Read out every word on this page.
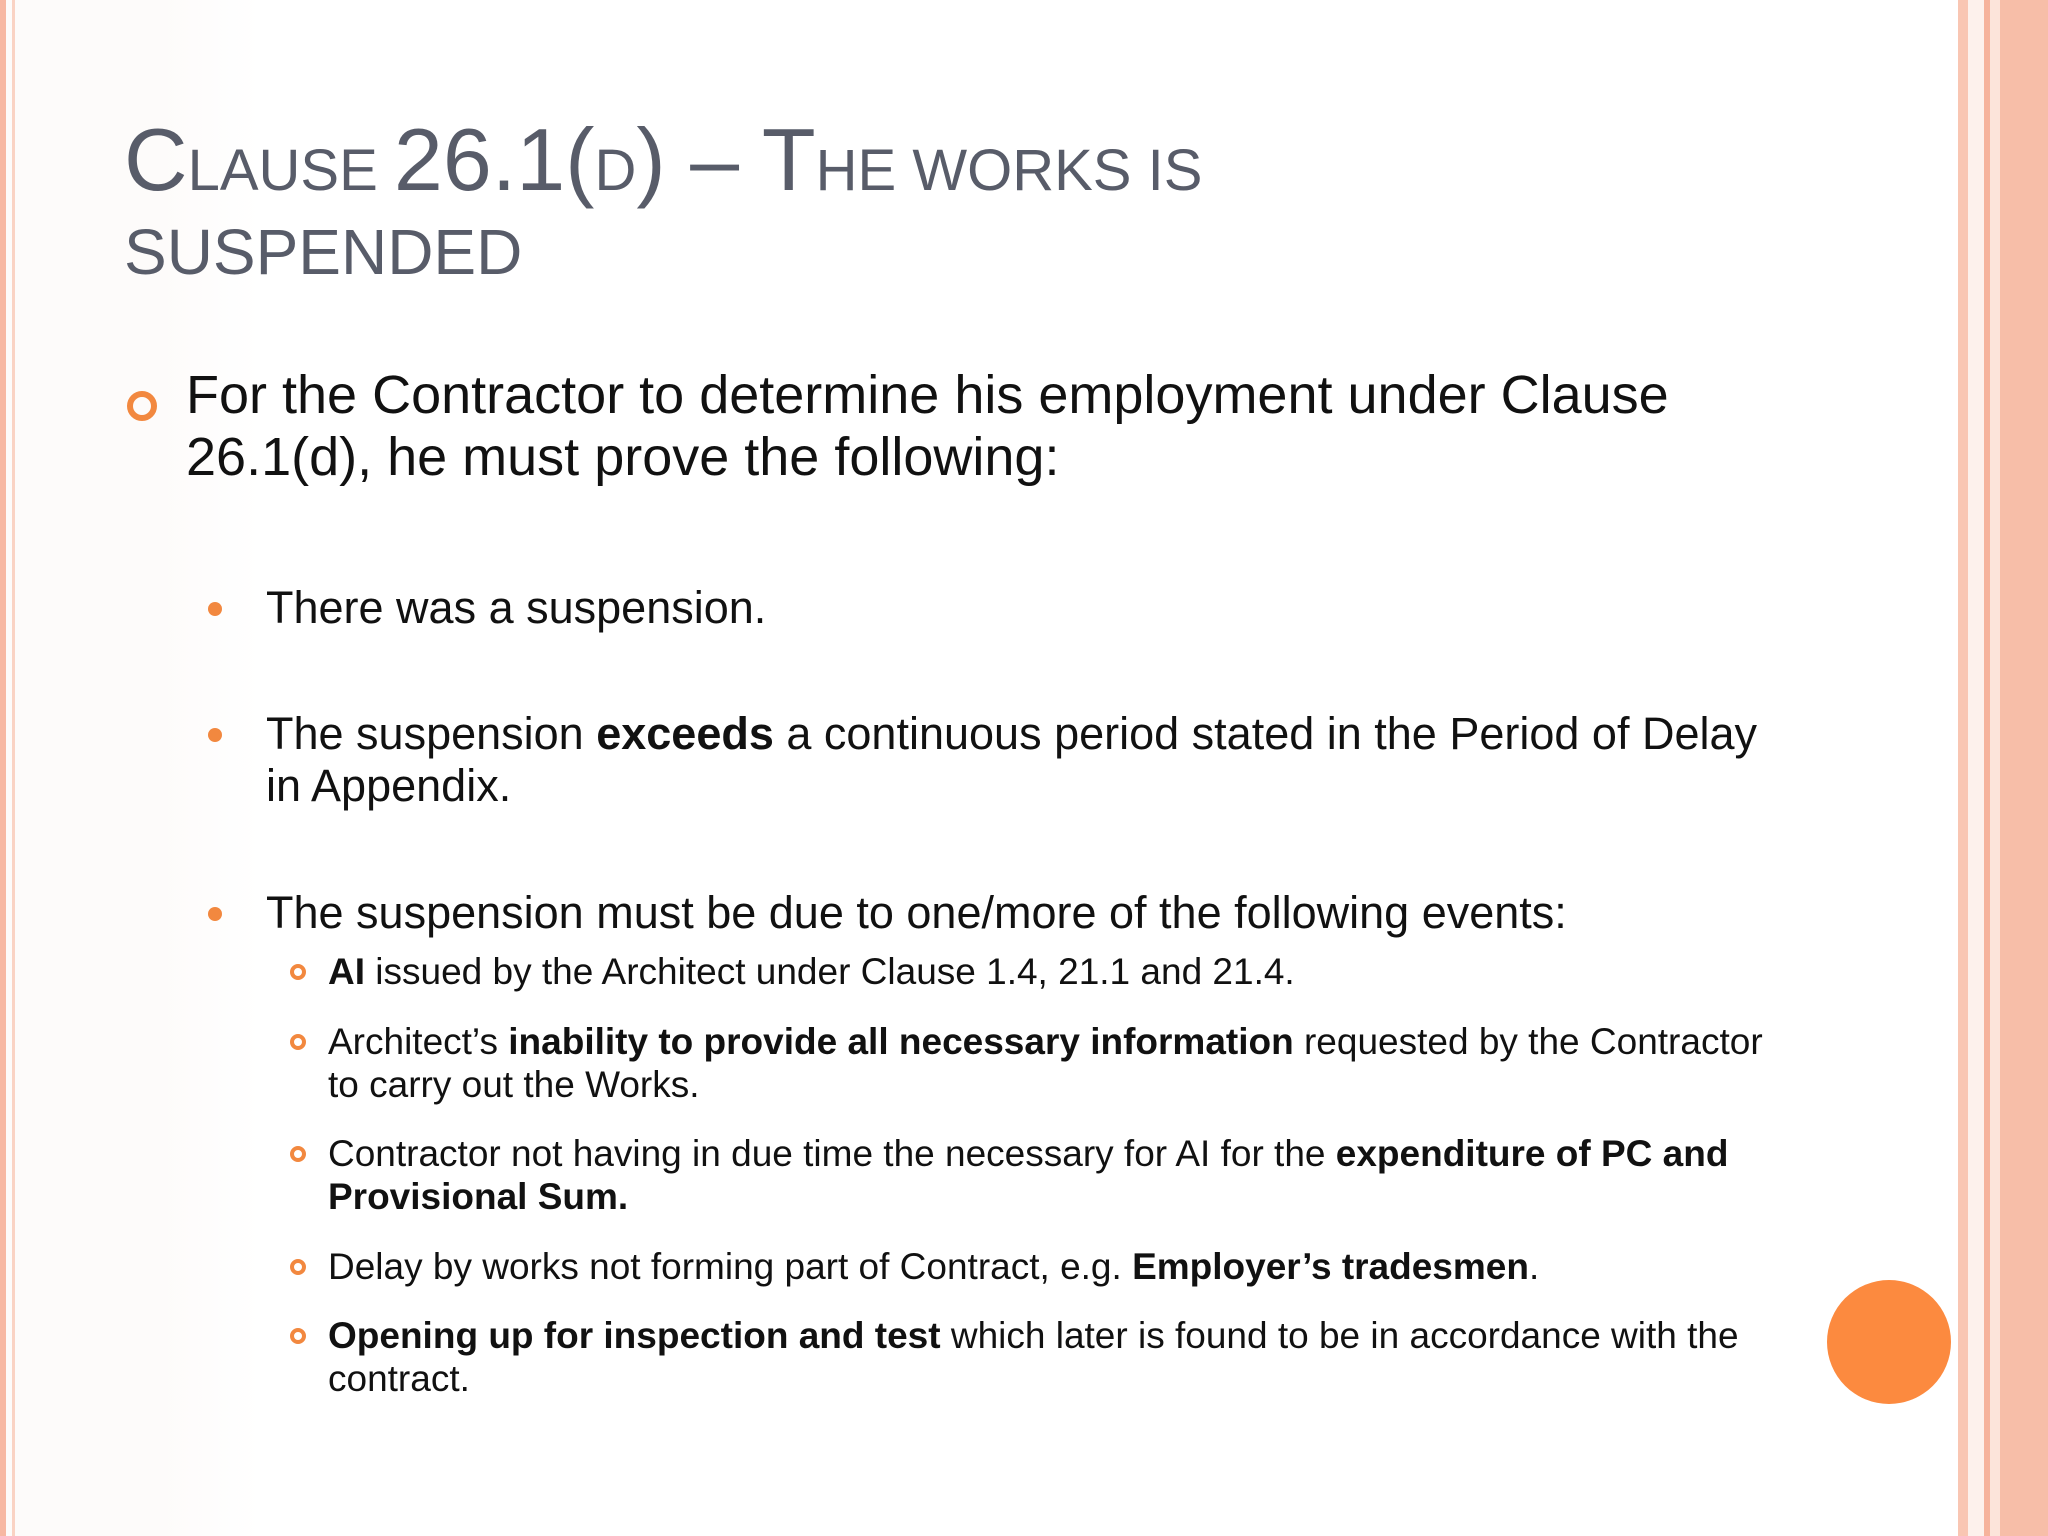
CLAUSE 26.1(D) – THE WORKS IS
SUSPENDED
For the Contractor to determine his employment under Clause 26.1(d), he must prove the following:
There was a suspension.
The suspension exceeds a continuous period stated in the Period of Delay in Appendix.
The suspension must be due to one/more of the following events:
AI issued by the Architect under Clause 1.4, 21.1 and 21.4.
Architect’s inability to provide all necessary information requested by the Contractor to carry out the Works.
Contractor not having in due time the necessary for AI for the expenditure of PC and Provisional Sum.
Delay by works not forming part of Contract, e.g. Employer’s tradesmen.
Opening up for inspection and test which later is found to be in accordance with the contract.
